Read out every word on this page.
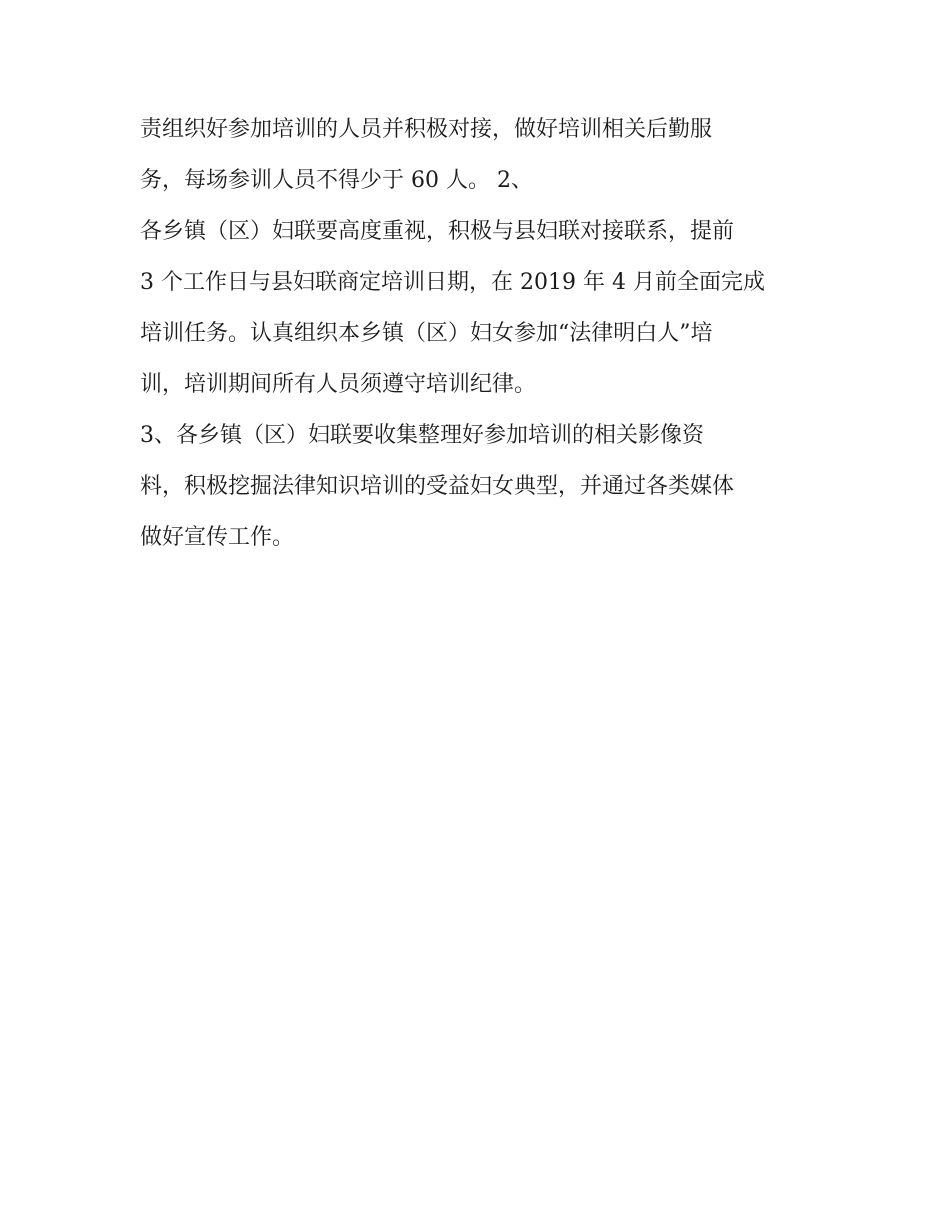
责组织好参加培训的人员并积极对接，做好培训相关后勤服
务，每场参训人员不得少于 60 人。 2、
各乡镇（区）妇联要高度重视，积极与县妇联对接联系，提前
3 个工作日与县妇联商定培训日期，在 2019 年 4 月前全面完成
培训任务。认真组织本乡镇（区）妇女参加“法律明白人”培
训，培训期间所有人员须遵守培训纪律。
3、各乡镇（区）妇联要收集整理好参加培训的相关影像资
料，积极挖掘法律知识培训的受益妇女典型，并通过各类媒体
做好宣传工作。
